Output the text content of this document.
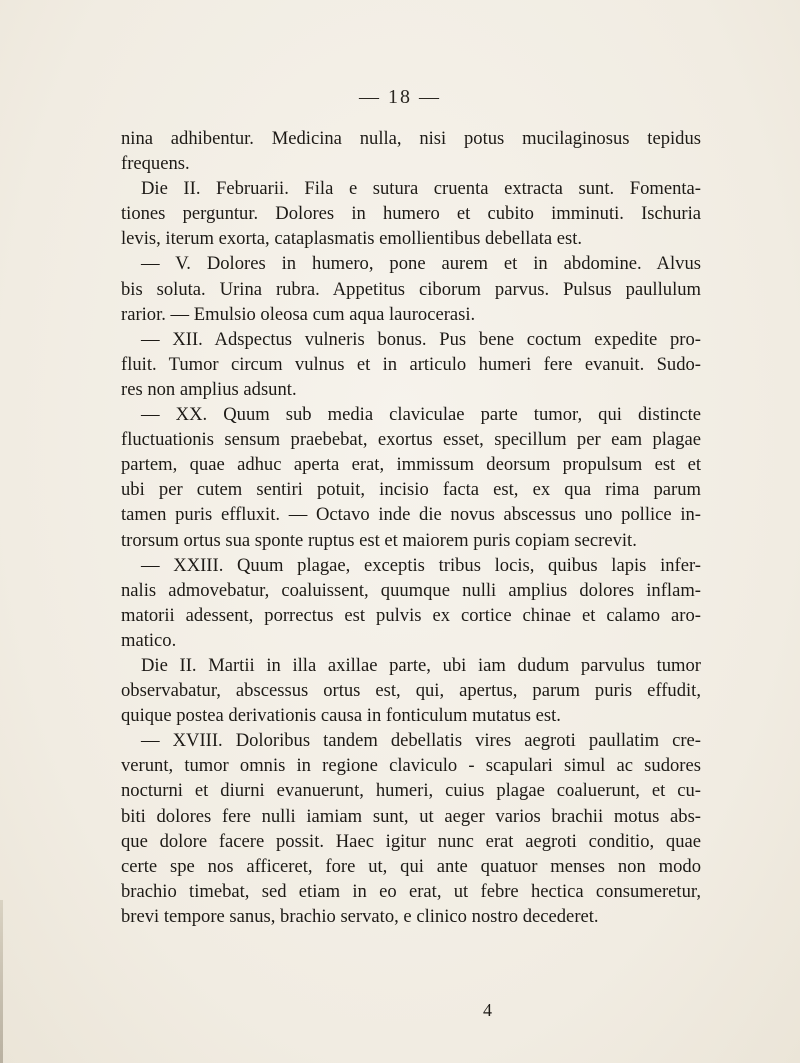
— 18 —
nina adhibentur. Medicina nulla, nisi potus mucilaginosus tepidus
frequens.
Die II. Februarii. Fila e sutura cruenta extracta sunt. Fomenta-
tiones perguntur. Dolores in humero et cubito imminuti. Ischuria
levis, iterum exorta, cataplasmatis emollientibus debellata est.
— V. Dolores in humero, pone aurem et in abdomine. Alvus
bis soluta. Urina rubra. Appetitus ciborum parvus. Pulsus paullulum
rarior. — Emulsio oleosa cum aqua laurocerasi.
— XII. Adspectus vulneris bonus. Pus bene coctum expedite pro-
fluit. Tumor circum vulnus et in articulo humeri fere evanuit. Sudo-
res non amplius adsunt.
— XX. Quum sub media claviculae parte tumor, qui distincte
fluctuationis sensum praebebat, exortus esset, specillum per eam plagae
partem, quae adhuc aperta erat, immissum deorsum propulsum est et
ubi per cutem sentiri potuit, incisio facta est, ex qua rima parum
tamen puris effluxit. — Octavo inde die novus abscessus uno pollice in-
trorsum ortus sua sponte ruptus est et maiorem puris copiam secrevit.
— XXIII. Quum plagae, exceptis tribus locis, quibus lapis infer-
nalis admovebatur, coaluissent, quumque nulli amplius dolores inflam-
matorii adessent, porrectus est pulvis ex cortice chinae et calamo aro-
matico.
Die II. Martii in illa axillae parte, ubi iam dudum parvulus tumor
observabatur, abscessus ortus est, qui, apertus, parum puris effudit,
quique postea derivationis causa in fonticulum mutatus est.
— XVIII. Doloribus tandem debellatis vires aegroti paullatim cre-
verunt, tumor omnis in regione claviculo - scapulari simul ac sudores
nocturni et diurni evanuerunt, humeri, cuius plagae coaluerunt, et cu-
biti dolores fere nulli iamiam sunt, ut aeger varios brachii motus abs-
que dolore facere possit. Haec igitur nunc erat aegroti conditio, quae
certe spe nos afficeret, fore ut, qui ante quatuor menses non modo
brachio timebat, sed etiam in eo erat, ut febre hectica consumeretur,
brevi tempore sanus, brachio servato, e clinico nostro decederet.
4
